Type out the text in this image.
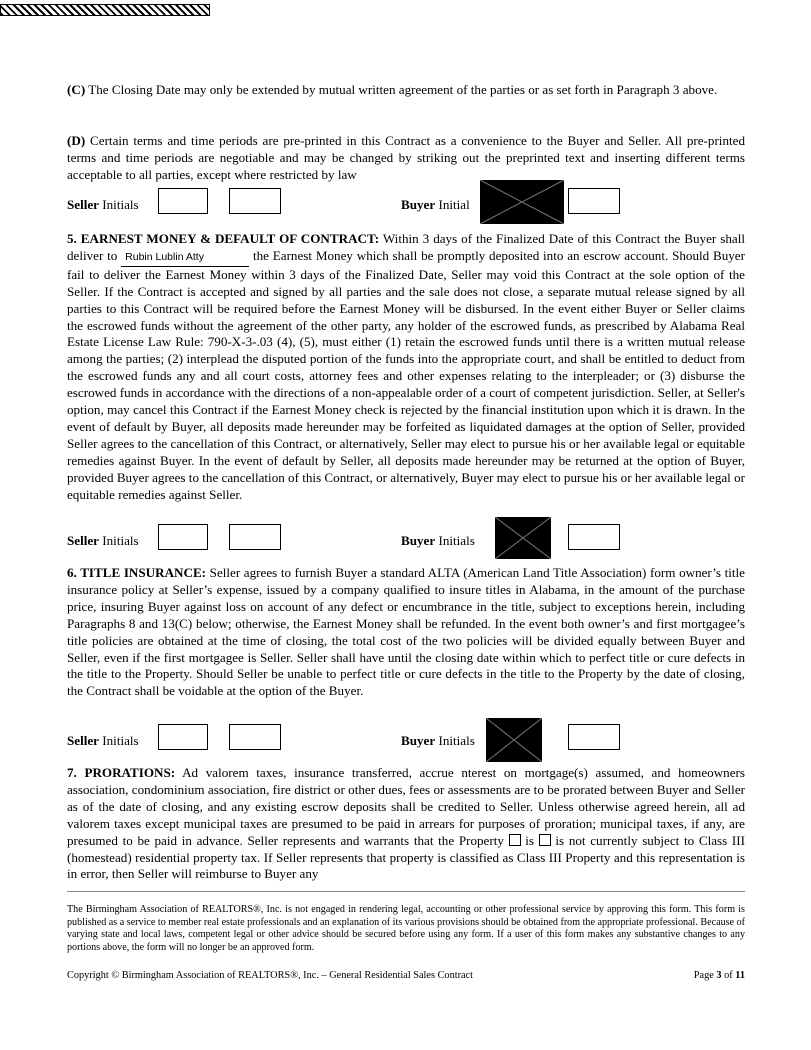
(C) The Closing Date may only be extended by mutual written agreement of the parties or as set forth in Paragraph 3 above.

(D) Certain terms and time periods are pre-printed in this Contract as a convenience to the Buyer and Seller. All pre-printed terms and time periods are negotiable and may be changed by striking out the preprinted text and inserting different terms acceptable to all parties, except where restricted by law

Seller Initials	Buyer Initial

5. EARNEST MONEY & DEFAULT OF CONTRACT: Within 3 days of the Finalized Date of this Contract the Buyer shall deliver to Rubin Lublin Atty	the Earnest Money which shall be promptly deposited into an escrow account. Should Buyer fail to deliver the Earnest Money within 3 days of the Finalized Date, Seller may void this Contract at the sole option of the Seller. If the Contract is accepted and signed by all parties and the sale does not close, a separate mutual release signed by all parties to this Contract will be required before the Earnest Money will be disbursed. In the event either Buyer or Seller claims the escrowed funds without the agreement of the other party, any holder of the escrowed funds, as prescribed by Alabama Real Estate License Law Rule: 790-X-3-.03 (4), (5), must either (1) retain the escrowed funds until there is a written mutual release among the parties; (2) interplead the disputed portion of the funds into the appropriate court, and shall be entitled to deduct from the escrowed funds any and all court costs, attorney fees and other expenses relating to the interpleader; or (3) disburse the escrowed funds in accordance with the directions of a non-appealable order of a court of competent jurisdiction. Seller, at Seller's option, may cancel this Contract if the Earnest Money check is rejected by the financial institution upon which it is drawn. In the event of default by Buyer, all deposits made hereunder may be forfeited as liquidated damages at the option of Seller, provided Seller agrees to the cancellation of this Contract, or alternatively, Seller may elect to pursue his or her available legal or equitable remedies against Buyer. In the event of default by Seller, all deposits made hereunder may be returned at the option of Buyer, provided Buyer agrees to the cancellation of this Contract, or alternatively, Buyer may elect to pursue his or her available legal or equitable remedies against Seller.

Seller Initials	Buyer Initials

6. TITLE INSURANCE: Seller agrees to furnish Buyer a standard ALTA (American Land Title Association) form owner’s title insurance policy at Seller’s expense, issued by a company qualified to insure titles in Alabama, in the amount of the purchase price, insuring Buyer against loss on account of any defect or encumbrance in the title, subject to exceptions herein, including Paragraphs 8 and 13(C) below; otherwise, the Earnest Money shall be refunded. In the event both owner’s and first mortgagee’s title policies are obtained at the time of closing, the total cost of the two policies will be divided equally between Buyer and Seller, even if the first mortgagee is Seller. Seller shall have until the closing date within which to perfect title or cure defects in the title to the Property. Should Seller be unable to perfect title or cure defects in the title to the Property by the date of closing, the Contract shall be voidable at the option of the Buyer.

Seller Initials	Buyer Initials

7. PRORATIONS: Ad valorem taxes, insurance transferred, accrue nterest on mortgage(s) assumed, and homeowners association, condominium association, fire district or other dues, fees or assessments are to be prorated between Buyer and Seller as of the date of closing, and any existing escrow deposits shall be credited to Seller. Unless otherwise agreed herein, all ad valorem taxes except municipal taxes are presumed to be paid in arrears for purposes of proration; municipal taxes, if any, are presumed to be paid in advance. Seller represents and warrants that the Property  is  is not currently subject to Class III (homestead) residential property tax. If Seller represents that property is classified as Class III Property and this representation is in error, then Seller will reimburse to Buyer any

The Birmingham Association of REALTORS®, Inc. is not engaged in rendering legal, accounting or other professional service by approving this form. This form is published as a service to member real estate professionals and an explanation of its various provisions should be obtained from the appropriate professional. Because of varying state and local laws, competent legal or other advice should be secured before using any form. If a user of this form makes any substantive changes to any portions above, the form will no longer be an approved form.

Copyright © Birmingham Association of REALTORS®, Inc. – General Residential Sales Contract	Page 3 of 11
